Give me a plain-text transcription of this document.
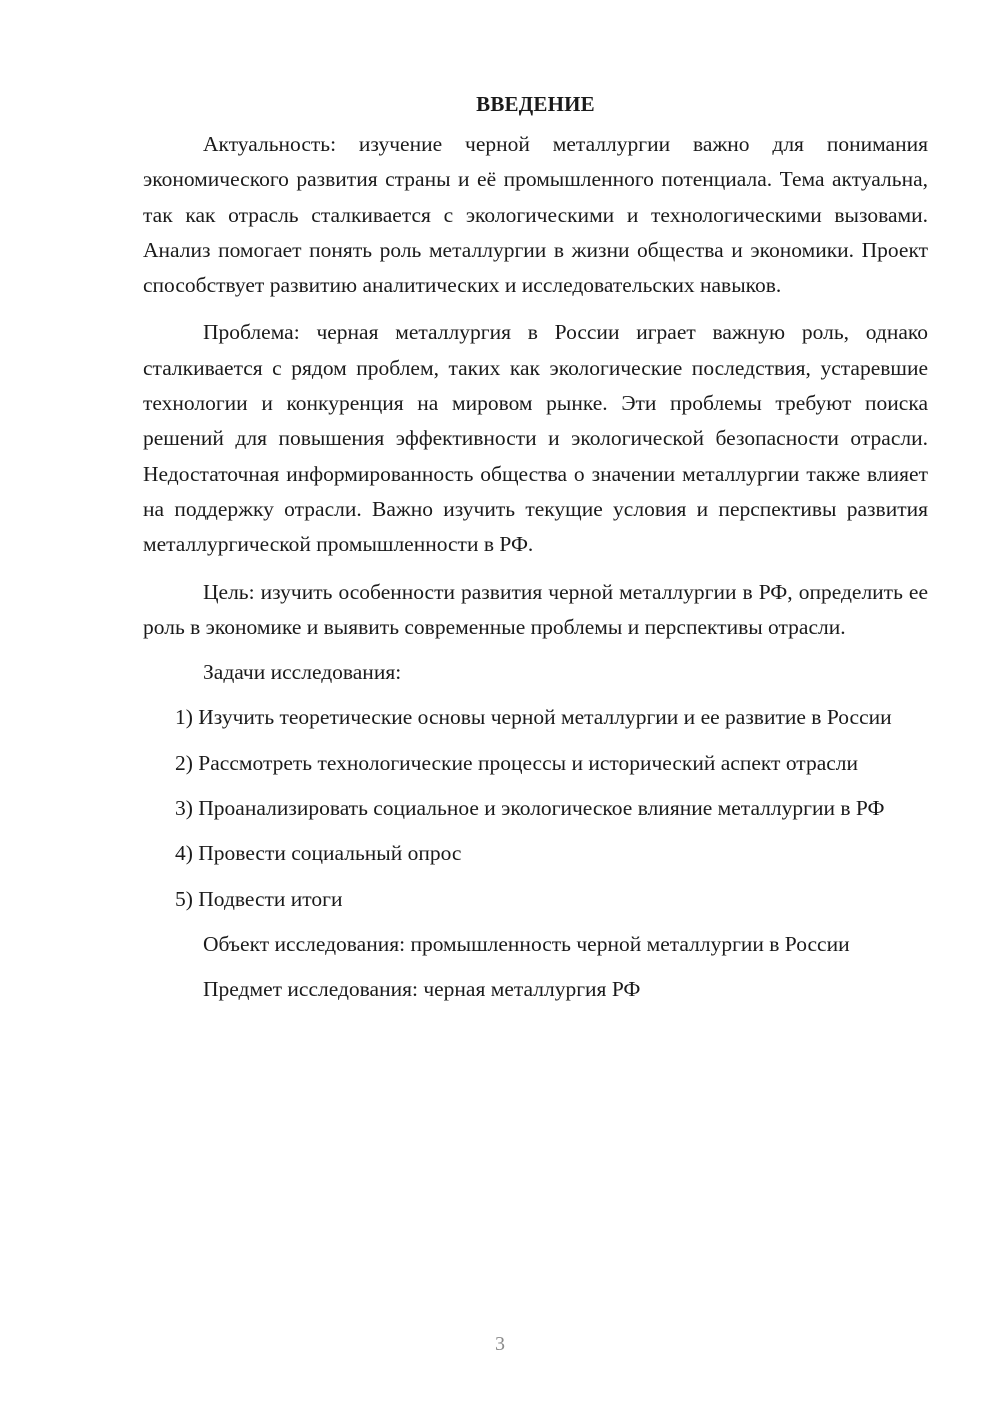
ВВЕДЕНИЕ

Актуальность: изучение черной металлургии важно для понимания экономического развития страны и её промышленного потенциала. Тема актуальна, так как отрасль сталкивается с экологическими и технологическими вызовами. Анализ помогает понять роль металлургии в жизни общества и экономики. Проект способствует развитию аналитических и исследовательских навыков.

Проблема: черная металлургия в России играет важную роль, однако сталкивается с рядом проблем, таких как экологические последствия, устаревшие технологии и конкуренция на мировом рынке. Эти проблемы требуют поиска решений для повышения эффективности и экологической безопасности отрасли. Недостаточная информированность общества о значении металлургии также влияет на поддержку отрасли. Важно изучить текущие условия и перспективы развития металлургической промышленности в РФ.

Цель: изучить особенности развития черной металлургии в РФ, определить ее роль в экономике и выявить современные проблемы и перспективы отрасли.

Задачи исследования:

1) Изучить теоретические основы черной металлургии и ее развитие в России

2) Рассмотреть технологические процессы и исторический аспект отрасли

3) Проанализировать социальное и экологическое влияние металлургии в РФ

4) Провести социальный опрос

5) Подвести итоги

Объект исследования: промышленность черной металлургии в России

Предмет исследования: черная металлургия РФ

3
